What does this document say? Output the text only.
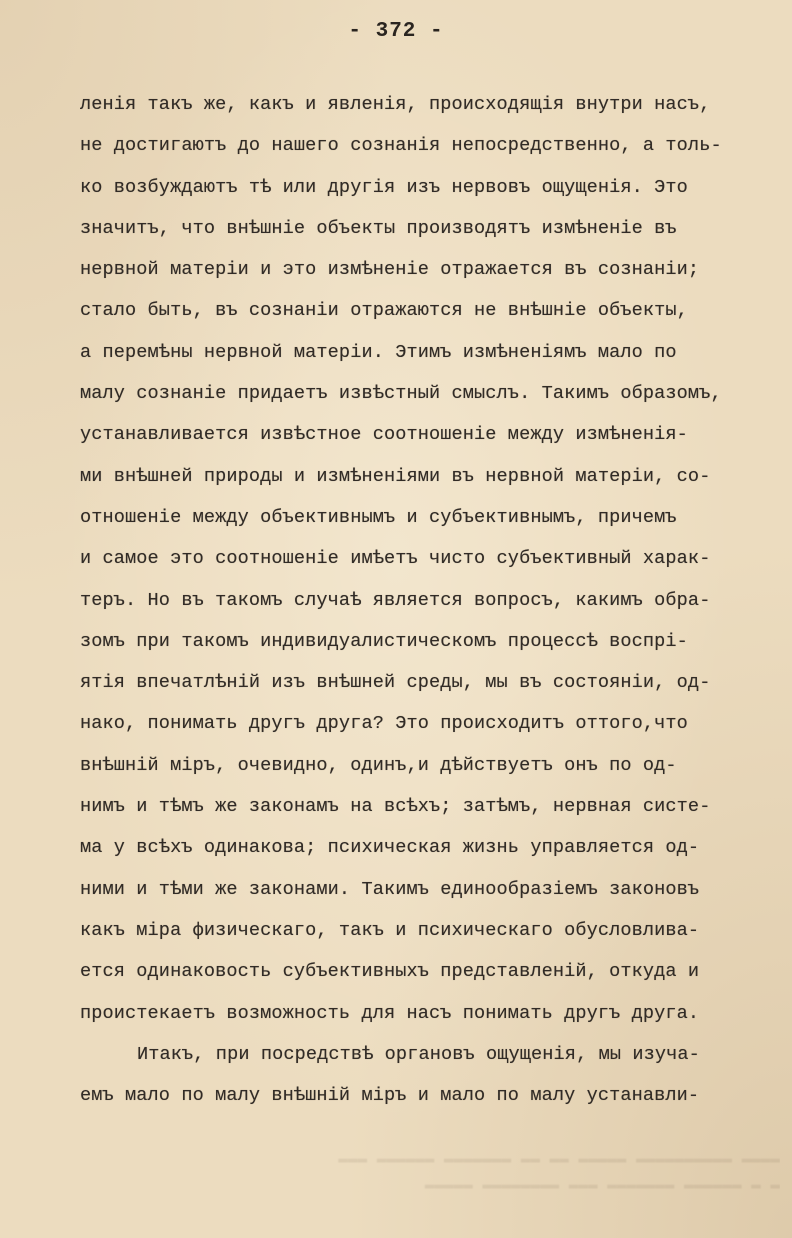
- 372 -
ленія такъ же, какъ и явленія, происходящія внутри насъ,
не достигаютъ до нашего сознанія непосредственно, а толь-
ко возбуждаютъ тѣ или другія изъ нервовъ ощущенія. Это
значитъ, что внѣшніе объекты производятъ измѣненіе въ
нервной матеріи и это измѣненіе отражается въ сознаніи;
стало быть, въ сознаніи отражаются не внѣшніе объекты,
а перемѣны нервной матеріи. Этимъ измѣненіямъ мало по
малу сознаніе придаетъ извѣстный смыслъ. Такимъ образомъ,
устанавливается извѣстное соотношеніе между измѣненія-
ми внѣшней природы и измѣненіями въ нервной матеріи, со-
отношеніе между объективнымъ и субъективнымъ, причемъ
и самое это соотношеніе имѣетъ чисто субъективный харак-
теръ. Но въ такомъ случаѣ является вопросъ, какимъ обра-
зомъ при такомъ индивидуалистическомъ процессѣ воспрі-
ятія впечатлѣній изъ внѣшней среды, мы въ состояніи, од-
нако, понимать другъ друга? Это происходитъ оттого,что
внѣшній міръ, очевидно, одинъ,и дѣйствуетъ онъ по од-
нимъ и тѣмъ же законамъ на всѣхъ; затѣмъ, нервная систе-
ма у всѣхъ одинакова; психическая жизнь управляется од-
ними и тѣми же законами. Такимъ единообразіемъ законовъ
какъ міра физическаго, такъ и психическаго обусловлива-
ется одинаковость субъективныхъ представленій, откуда и
проистекаетъ возможность для насъ понимать другъ друга.
Итакъ, при посредствѣ органовъ ощущенія, мы изуча-
емъ мало по малу внѣшній міръ и мало по малу устанавли-
▬▬▬▬ ▬▬▬▬▬▬▬▬▬▬ ▬▬▬▬▬ ▬▬ ▬▬ ▬▬▬▬▬▬▬ ▬▬▬▬▬▬ ▬▬▬
▬ ▬ ▬▬▬▬▬▬ ▬▬▬▬▬▬▬ ▬▬▬ ▬▬▬▬▬▬▬▬ ▬▬▬▬▬
